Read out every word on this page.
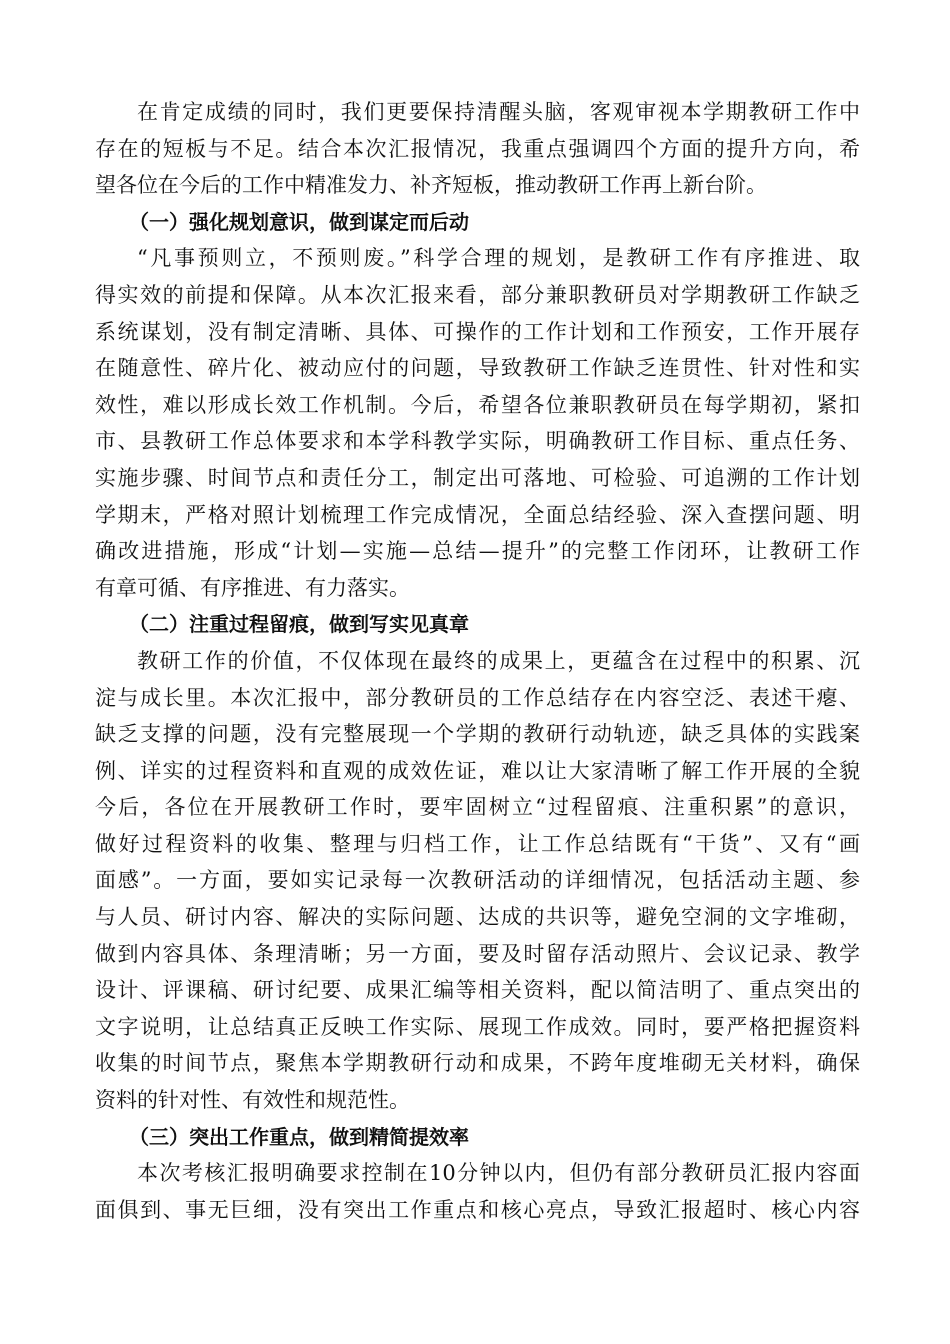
在肯定成绩的同时，我们更要保持清醒头脑，客观审视本学期教研工作中
存在的短板与不足。结合本次汇报情况，我重点强调四个方面的提升方向，希
望各位在今后的工作中精准发力、补齐短板，推动教研工作再上新台阶。
（一）强化规划意识，做到谋定而后动
“凡事预则立，不预则废。”科学合理的规划，是教研工作有序推进、取
得实效的前提和保障。从本次汇报来看，部分兼职教研员对学期教研工作缺乏
系统谋划，没有制定清晰、具体、可操作的工作计划和工作预安，工作开展存
在随意性、碎片化、被动应付的问题，导致教研工作缺乏连贯性、针对性和实
效性，难以形成长效工作机制。今后，希望各位兼职教研员在每学期初，紧扣
市、县教研工作总体要求和本学科教学实际，明确教研工作目标、重点任务、
实施步骤、时间节点和责任分工，制定出可落地、可检验、可追溯的工作计划
学期末，严格对照计划梳理工作完成情况，全面总结经验、深入查摆问题、明
确改进措施，形成“计划—实施—总结—提升”的完整工作闭环，让教研工作
有章可循、有序推进、有力落实。
（二）注重过程留痕，做到写实见真章
教研工作的价值，不仅体现在最终的成果上，更蕴含在过程中的积累、沉
淀与成长里。本次汇报中，部分教研员的工作总结存在内容空泛、表述干瘪、
缺乏支撑的问题，没有完整展现一个学期的教研行动轨迹，缺乏具体的实践案
例、详实的过程资料和直观的成效佐证，难以让大家清晰了解工作开展的全貌
今后，各位在开展教研工作时，要牢固树立“过程留痕、注重积累”的意识，
做好过程资料的收集、整理与归档工作，让工作总结既有“干货”、又有“画
面感”。一方面，要如实记录每一次教研活动的详细情况，包括活动主题、参
与人员、研讨内容、解决的实际问题、达成的共识等，避免空洞的文字堆砌，
做到内容具体、条理清晰；另一方面，要及时留存活动照片、会议记录、教学
设计、评课稿、研讨纪要、成果汇编等相关资料，配以简洁明了、重点突出的
文字说明，让总结真正反映工作实际、展现工作成效。同时，要严格把握资料
收集的时间节点，聚焦本学期教研行动和成果，不跨年度堆砌无关材料，确保
资料的针对性、有效性和规范性。
（三）突出工作重点，做到精简提效率
本次考核汇报明确要求控制在10分钟以内，但仍有部分教研员汇报内容面
面俱到、事无巨细，没有突出工作重点和核心亮点，导致汇报超时、核心内容
